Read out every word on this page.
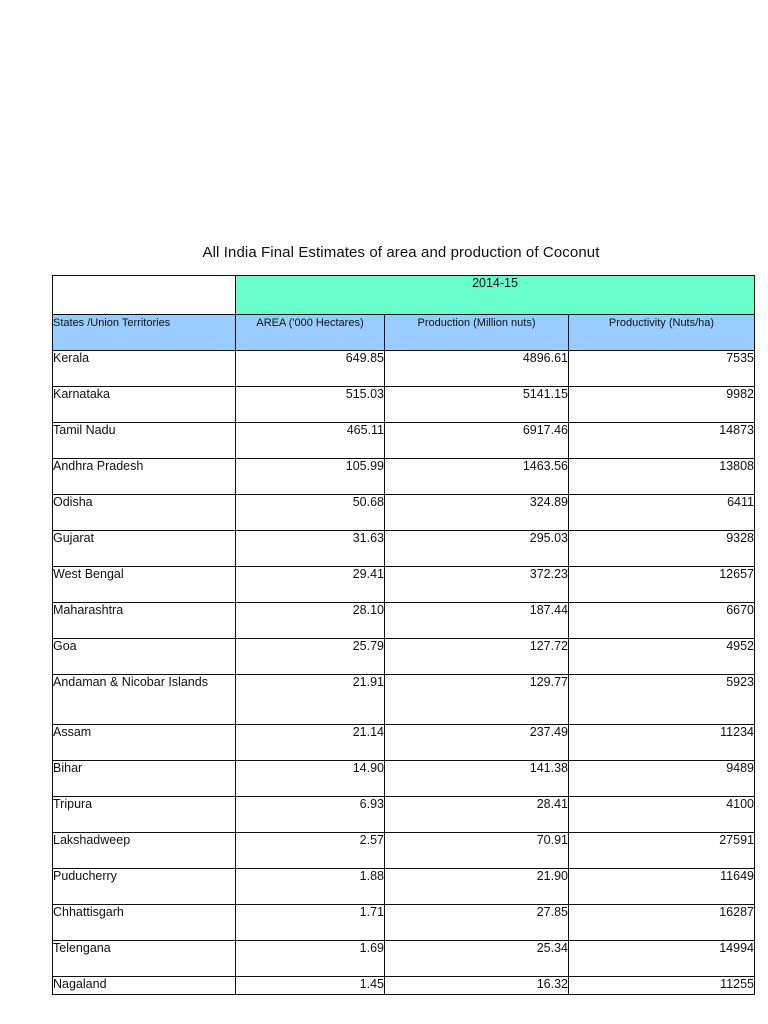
All India Final Estimates of area and production of Coconut
	2014-15		
States /Union Territories	AREA ('000 Hectares)	Production (Million nuts)	Productivity (Nuts/ha)
Kerala	649.85	4896.61	7535
Karnataka	515.03	5141.15	9982
Tamil Nadu	465.11	6917.46	14873
Andhra Pradesh	105.99	1463.56	13808
Odisha	50.68	324.89	6411
Gujarat	31.63	295.03	9328
West Bengal	29.41	372.23	12657
Maharashtra	28.10	187.44	6670
Goa	25.79	127.72	4952
Andaman & Nicobar Islands	21.91	129.77	5923
Assam	21.14	237.49	11234
Bihar	14.90	141.38	9489
Tripura	6.93	28.41	4100
Lakshadweep	2.57	70.91	27591
Puducherry	1.88	21.90	11649
Chhattisgarh	1.71	27.85	16287
Telengana	1.69	25.34	14994
Nagaland	1.45	16.32	11255
